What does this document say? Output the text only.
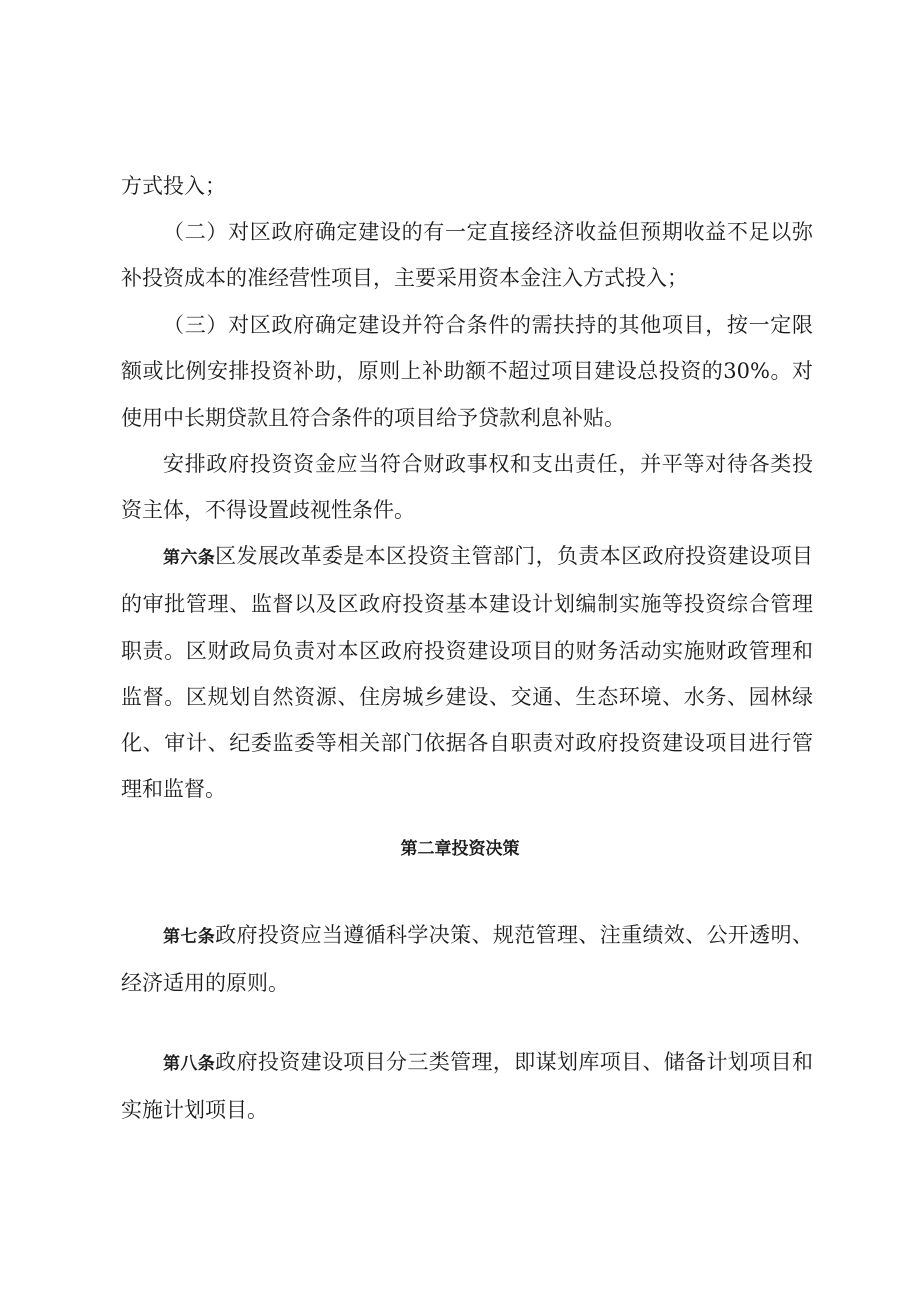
方式投入；

（二）对区政府确定建设的有一定直接经济收益但预期收益不足以弥补投资成本的准经营性项目，主要采用资本金注入方式投入；

（三）对区政府确定建设并符合条件的需扶持的其他项目，按一定限额或比例安排投资补助，原则上补助额不超过项目建设总投资的30%。对使用中长期贷款且符合条件的项目给予贷款利息补贴。

安排政府投资资金应当符合财政事权和支出责任，并平等对待各类投资主体，不得设置歧视性条件。

第六条区发展改革委是本区投资主管部门，负责本区政府投资建设项目的审批管理、监督以及区政府投资基本建设计划编制实施等投资综合管理职责。区财政局负责对本区政府投资建设项目的财务活动实施财政管理和监督。区规划自然资源、住房城乡建设、交通、生态环境、水务、园林绿化、审计、纪委监委等相关部门依据各自职责对政府投资建设项目进行管理和监督。

第二章投资决策

第七条政府投资应当遵循科学决策、规范管理、注重绩效、公开透明、经济适用的原则。

第八条政府投资建设项目分三类管理，即谋划库项目、储备计划项目和实施计划项目。
